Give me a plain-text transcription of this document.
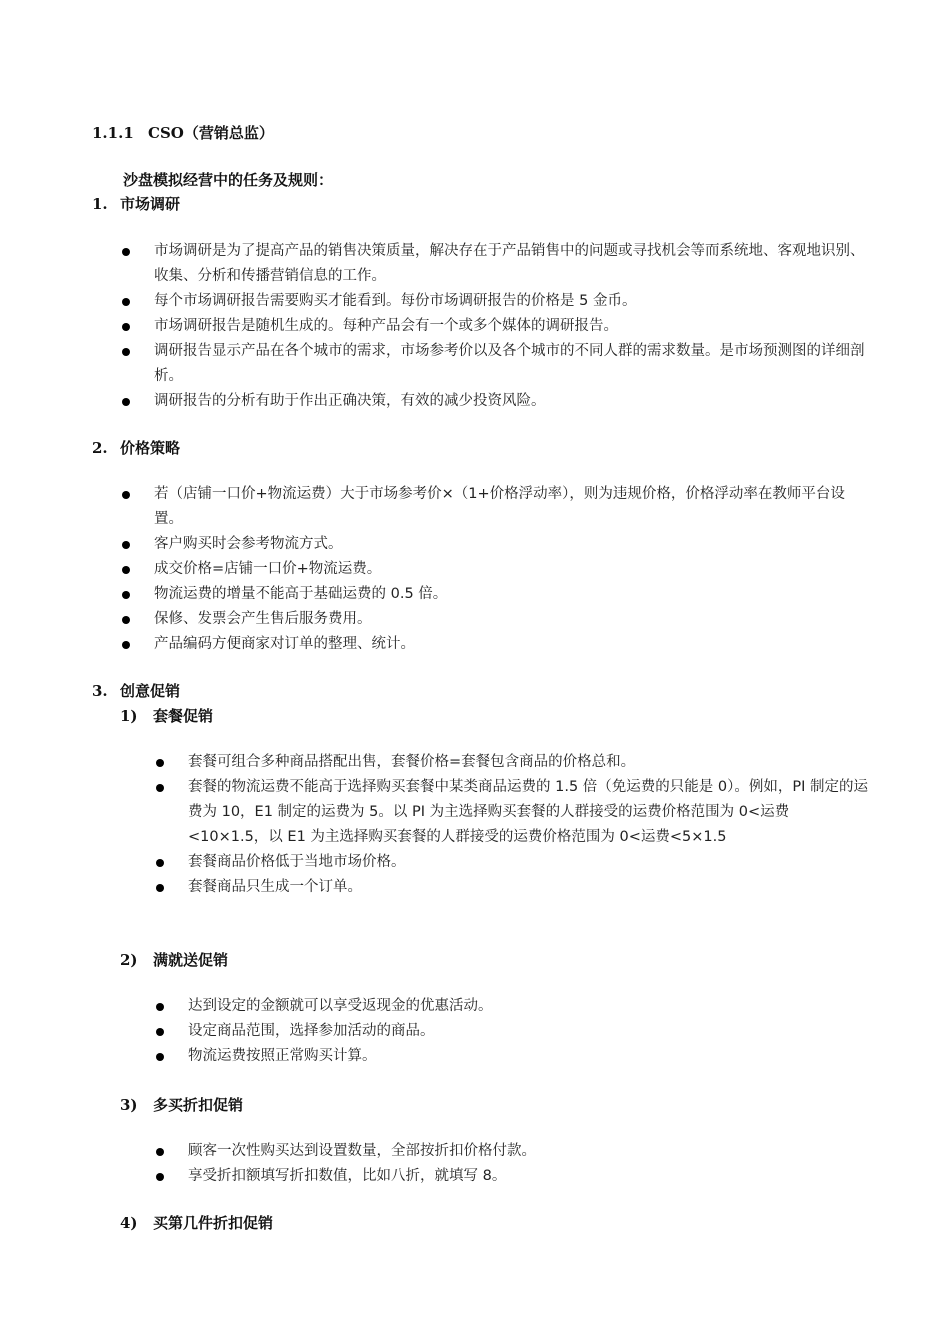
1.1.1 CSO（营销总监）
沙盘模拟经营中的任务及规则：
1. 市场调研
市场调研是为了提高产品的销售决策质量，解决存在于产品销售中的问题或寻找机会等而系统地、客观地识别、收集、分析和传播营销信息的工作。
每个市场调研报告需要购买才能看到。每份市场调研报告的价格是 5 金币。
市场调研报告是随机生成的。每种产品会有一个或多个媒体的调研报告。
调研报告显示产品在各个城市的需求，市场参考价以及各个城市的不同人群的需求数量。是市场预测图的详细剖析。
调研报告的分析有助于作出正确决策，有效的减少投资风险。
2. 价格策略
若（店铺一口价+物流运费）大于市场参考价×（1+价格浮动率），则为违规价格，价格浮动率在教师平台设置。
客户购买时会参考物流方式。
成交价格=店铺一口价+物流运费。
物流运费的增量不能高于基础运费的 0.5 倍。
保修、发票会产生售后服务费用。
产品编码方便商家对订单的整理、统计。
3. 创意促销
1) 套餐促销
套餐可组合多种商品搭配出售，套餐价格=套餐包含商品的价格总和。
套餐的物流运费不能高于选择购买套餐中某类商品运费的 1.5 倍（免运费的只能是 0）。例如，PI 制定的运费为 10，E1 制定的运费为 5。以 PI 为主选择购买套餐的人群接受的运费价格范围为 0<运费<10×1.5，以 E1 为主选择购买套餐的人群接受的运费价格范围为 0<运费<5×1.5
套餐商品价格低于当地市场价格。
套餐商品只生成一个订单。
2) 满就送促销
达到设定的金额就可以享受返现金的优惠活动。
设定商品范围，选择参加活动的商品。
物流运费按照正常购买计算。
3) 多买折扣促销
顾客一次性购买达到设置数量，全部按折扣价格付款。
享受折扣额填写折扣数值，比如八折，就填写 8。
4) 买第几件折扣促销
